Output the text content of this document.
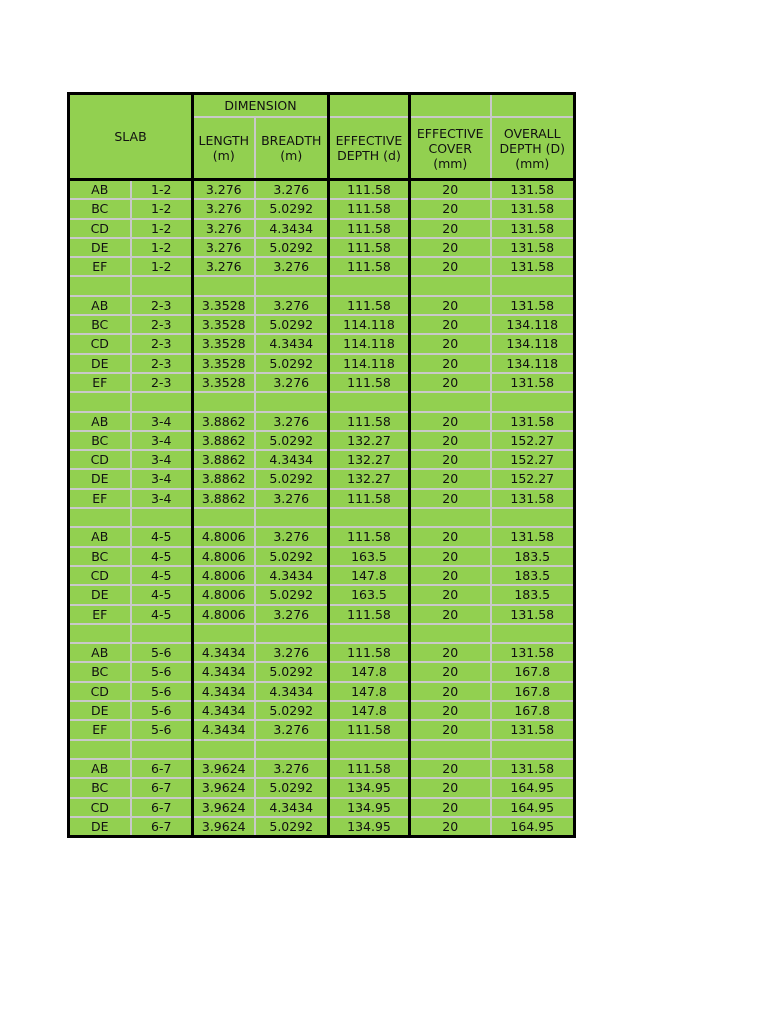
SLAB		DIMENSION				
		LENGTH (m)	BREADTH (m)	EFFECTIVE DEPTH (d)	EFFECTIVE COVER (mm)	OVERALL DEPTH (D) (mm)
AB	1-2	3.276	3.276	111.58	20	131.58
BC	1-2	3.276	5.0292	111.58	20	131.58
CD	1-2	3.276	4.3434	111.58	20	131.58
DE	1-2	3.276	5.0292	111.58	20	131.58
EF	1-2	3.276	3.276	111.58	20	131.58

AB	2-3	3.3528	3.276	111.58	20	131.58
BC	2-3	3.3528	5.0292	114.118	20	134.118
CD	2-3	3.3528	4.3434	114.118	20	134.118
DE	2-3	3.3528	5.0292	114.118	20	134.118
EF	2-3	3.3528	3.276	111.58	20	131.58

AB	3-4	3.8862	3.276	111.58	20	131.58
BC	3-4	3.8862	5.0292	132.27	20	152.27
CD	3-4	3.8862	4.3434	132.27	20	152.27
DE	3-4	3.8862	5.0292	132.27	20	152.27
EF	3-4	3.8862	3.276	111.58	20	131.58

AB	4-5	4.8006	3.276	111.58	20	131.58
BC	4-5	4.8006	5.0292	163.5	20	183.5
CD	4-5	4.8006	4.3434	147.8	20	183.5
DE	4-5	4.8006	5.0292	163.5	20	183.5
EF	4-5	4.8006	3.276	111.58	20	131.58

AB	5-6	4.3434	3.276	111.58	20	131.58
BC	5-6	4.3434	5.0292	147.8	20	167.8
CD	5-6	4.3434	4.3434	147.8	20	167.8
DE	5-6	4.3434	5.0292	147.8	20	167.8
EF	5-6	4.3434	3.276	111.58	20	131.58

AB	6-7	3.9624	3.276	111.58	20	131.58
BC	6-7	3.9624	5.0292	134.95	20	164.95
CD	6-7	3.9624	4.3434	134.95	20	164.95
DE	6-7	3.9624	5.0292	134.95	20	164.95
